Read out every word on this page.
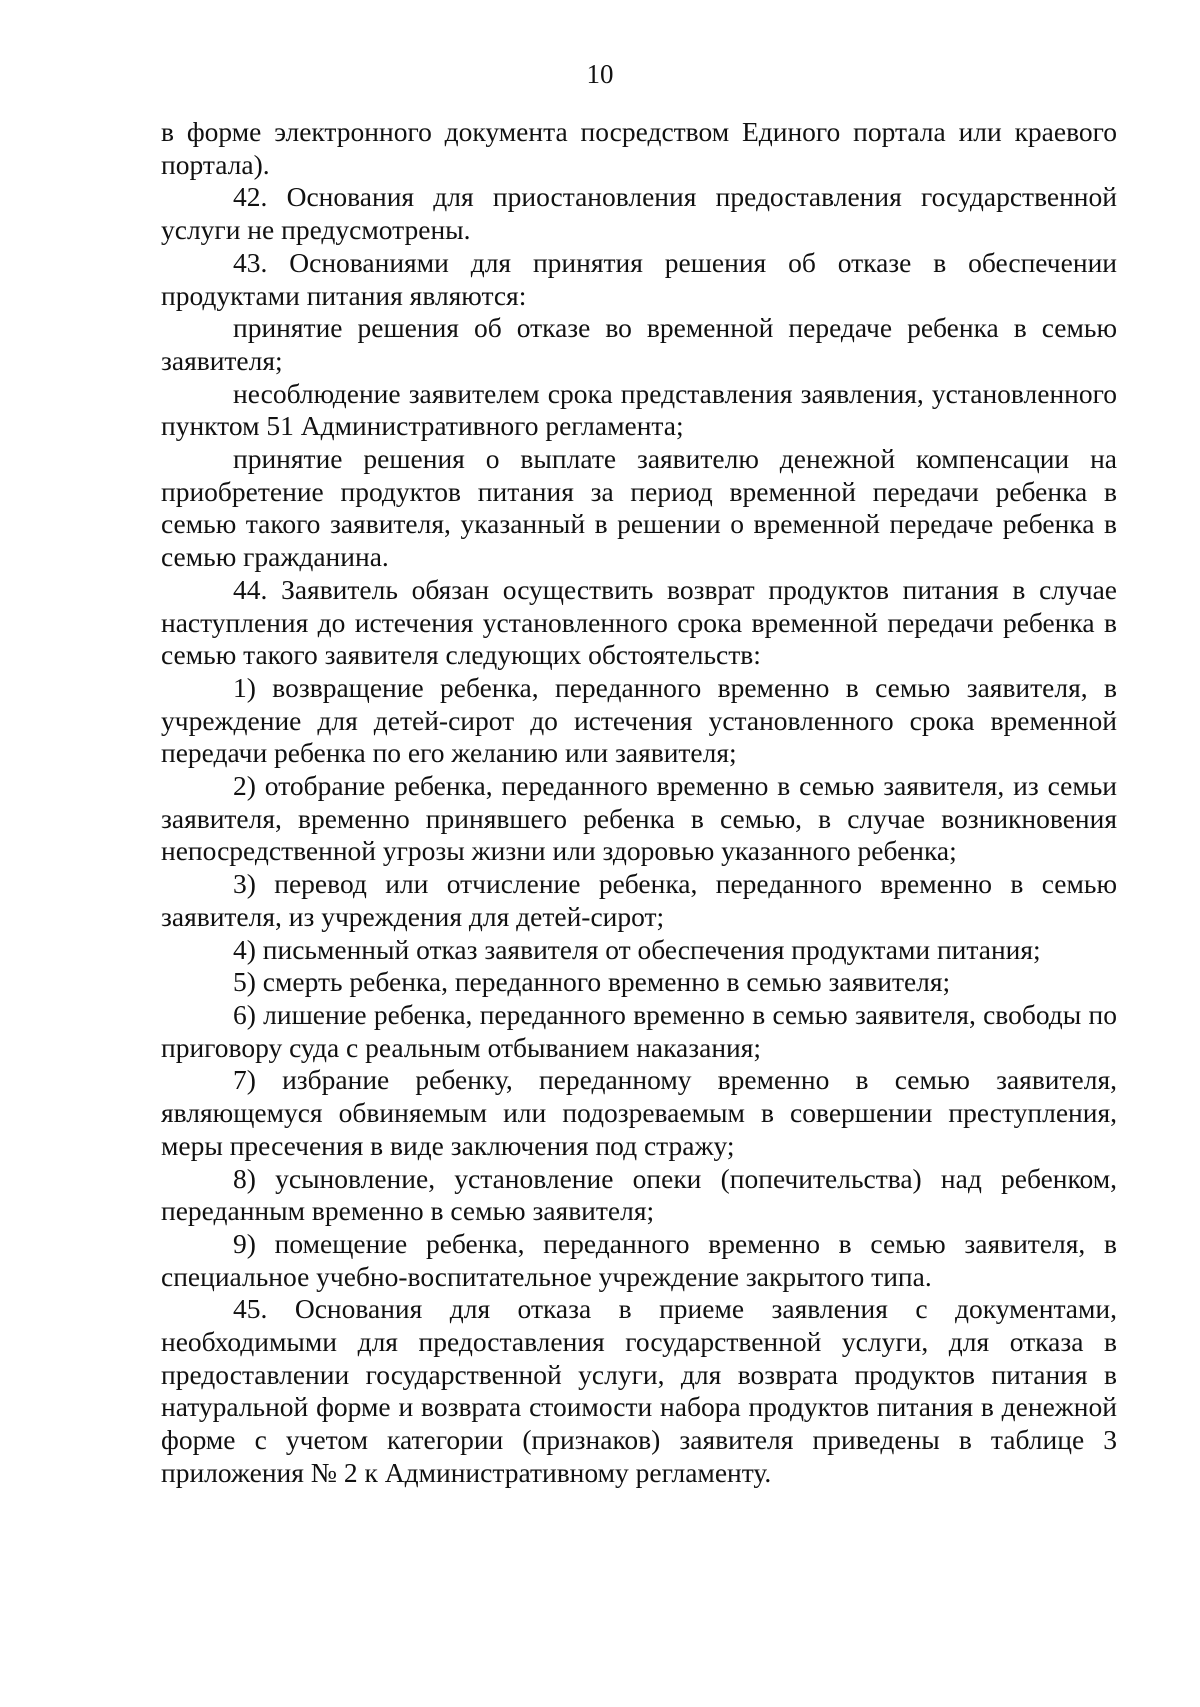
10

в форме электронного документа посредством Единого портала или краевого портала).

42. Основания для приостановления предоставления государственной услуги не предусмотрены.

43. Основаниями для принятия решения об отказе в обеспечении продуктами питания являются:

принятие решения об отказе во временной передаче ребенка в семью заявителя;

несоблюдение заявителем срока представления заявления, установленного пунктом 51 Административного регламента;

принятие решения о выплате заявителю денежной компенсации на приобретение продуктов питания за период временной передачи ребенка в семью такого заявителя, указанный в решении о временной передаче ребенка в семью гражданина.

44. Заявитель обязан осуществить возврат продуктов питания в случае наступления до истечения установленного срока временной передачи ребенка в семью такого заявителя следующих обстоятельств:

1) возвращение ребенка, переданного временно в семью заявителя, в учреждение для детей-сирот до истечения установленного срока временной передачи ребенка по его желанию или заявителя;

2) отобрание ребенка, переданного временно в семью заявителя, из семьи заявителя, временно принявшего ребенка в семью, в случае возникновения непосредственной угрозы жизни или здоровью указанного ребенка;

3) перевод или отчисление ребенка, переданного временно в семью заявителя, из учреждения для детей-сирот;

4) письменный отказ заявителя от обеспечения продуктами питания;

5) смерть ребенка, переданного временно в семью заявителя;

6) лишение ребенка, переданного временно в семью заявителя, свободы по приговору суда с реальным отбыванием наказания;

7) избрание ребенку, переданному временно в семью заявителя, являющемуся обвиняемым или подозреваемым в совершении преступления, меры пресечения в виде заключения под стражу;

8) усыновление, установление опеки (попечительства) над ребенком, переданным временно в семью заявителя;

9) помещение ребенка, переданного временно в семью заявителя, в специальное учебно-воспитательное учреждение закрытого типа.

45. Основания для отказа в приеме заявления с документами, необходимыми для предоставления государственной услуги, для отказа в предоставлении государственной услуги, для возврата продуктов питания в натуральной форме и возврата стоимости набора продуктов питания в денежной форме с учетом категории (признаков) заявителя приведены в таблице 3 приложения № 2 к Административному регламенту.
